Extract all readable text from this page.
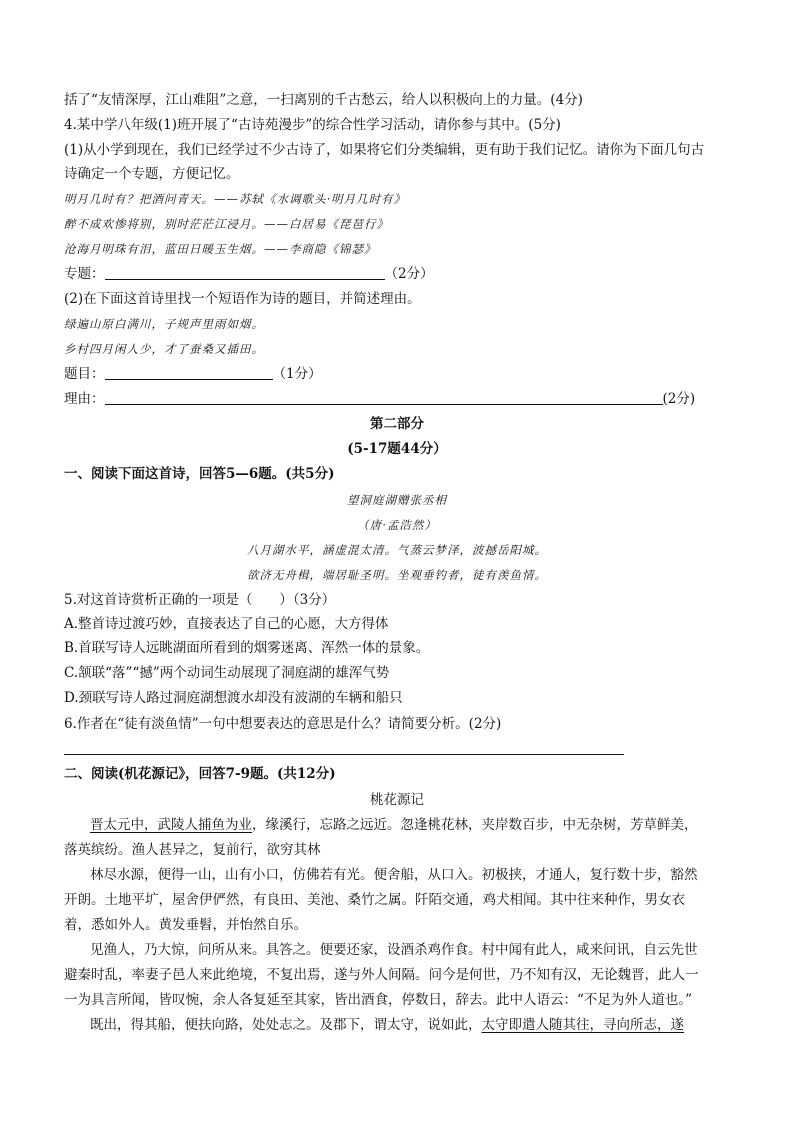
括了“友情深厚，江山难阻”之意，一扫离别的千古愁云，给人以积极向上的力量。(4分)
4.某中学八年级(1)班开展了“古诗苑漫步”的综合性学习活动，请你参与其中。(5分)
(1)从小学到现在，我们已经学过不少古诗了，如果将它们分类编辑，更有助于我们记忆。请你为下面几句古
诗确定一个专题，方便记忆。
明月几时有？把酒问青天。——苏轼《水调歌头·明月几时有》
醉不成欢惨将别，别时茫茫江浸月。——白居易《琵琶行》
沧海月明珠有泪，蓝田日暖玉生烟。——李商隐《锦瑟》
专题：	（2分）
(2)在下面这首诗里找一个短语作为诗的题目，并简述理由。
绿遍山原白满川，子规声里雨如烟。
乡村四月闲人少，才了蚕桑又插田。
题目：	（1分）
理由：	(2分)
第二部分
(5-17题44分）
一、阅读下面这首诗，回答5—6题。(共5分)
望洞庭湖赠张丞相
（唐·孟浩然）
八月湖水平，涵虚混太清。气蒸云梦泽，波撼岳阳城。
欲济无舟楫，端居耻圣明。坐观垂钓者，徒有羡鱼情。
5.对这首诗赏析正确的一项是（　　）（3分）
A.整首诗过渡巧妙，直接表达了自己的心愿，大方得体
B.首联写诗人远眺湖面所看到的烟雾迷离、浑然一体的景象。
C.颔联“落”“撼”两个动词生动展现了洞庭湖的雄浑气势
D.颈联写诗人路过洞庭湖想渡水却没有波湖的车辆和船只
6.作者在“徒有淡鱼情”一句中想要表达的意思是什么？请简要分析。(2分)
二、阅读(机花源记》，回答7-9题。(共12分)
桃花源记
晋太元中，武陵人捕鱼为业，缘溪行，忘路之远近。忽逢桃花林，夹岸数百步，中无杂树，芳草鲜美，
落英缤纷。渔人甚异之，复前行，欲穷其林
林尽水源，便得一山，山有小口，仿佛若有光。便舍船，从口入。初极挟，才通人，复行数十步，豁然
开朗。土地平圹，屋舍伊俨然，有良田、美池、桑竹之属。阡陌交通，鸡犬相闻。其中往来种作，男女衣
着，悉如外人。黄发垂髫，并怡然自乐。
见渔人，乃大惊，问所从来。具答之。便要还家，设酒杀鸡作食。村中闻有此人，咸来问讯，自云先世
避秦时乱，率妻子邑人来此绝境，不复出焉，遂与外人间隔。问今是何世，乃不知有汉，无论魏晋，此人一
一为具言所闻，皆叹惋，余人各复延至其家，皆出酒食，停数日，辞去。此中人语云：“不足为外人道也。”
既出，得其船，便扶向路，处处志之。及郡下，谓太守，说如此，太守即遣人随其往，寻向所志，遂
